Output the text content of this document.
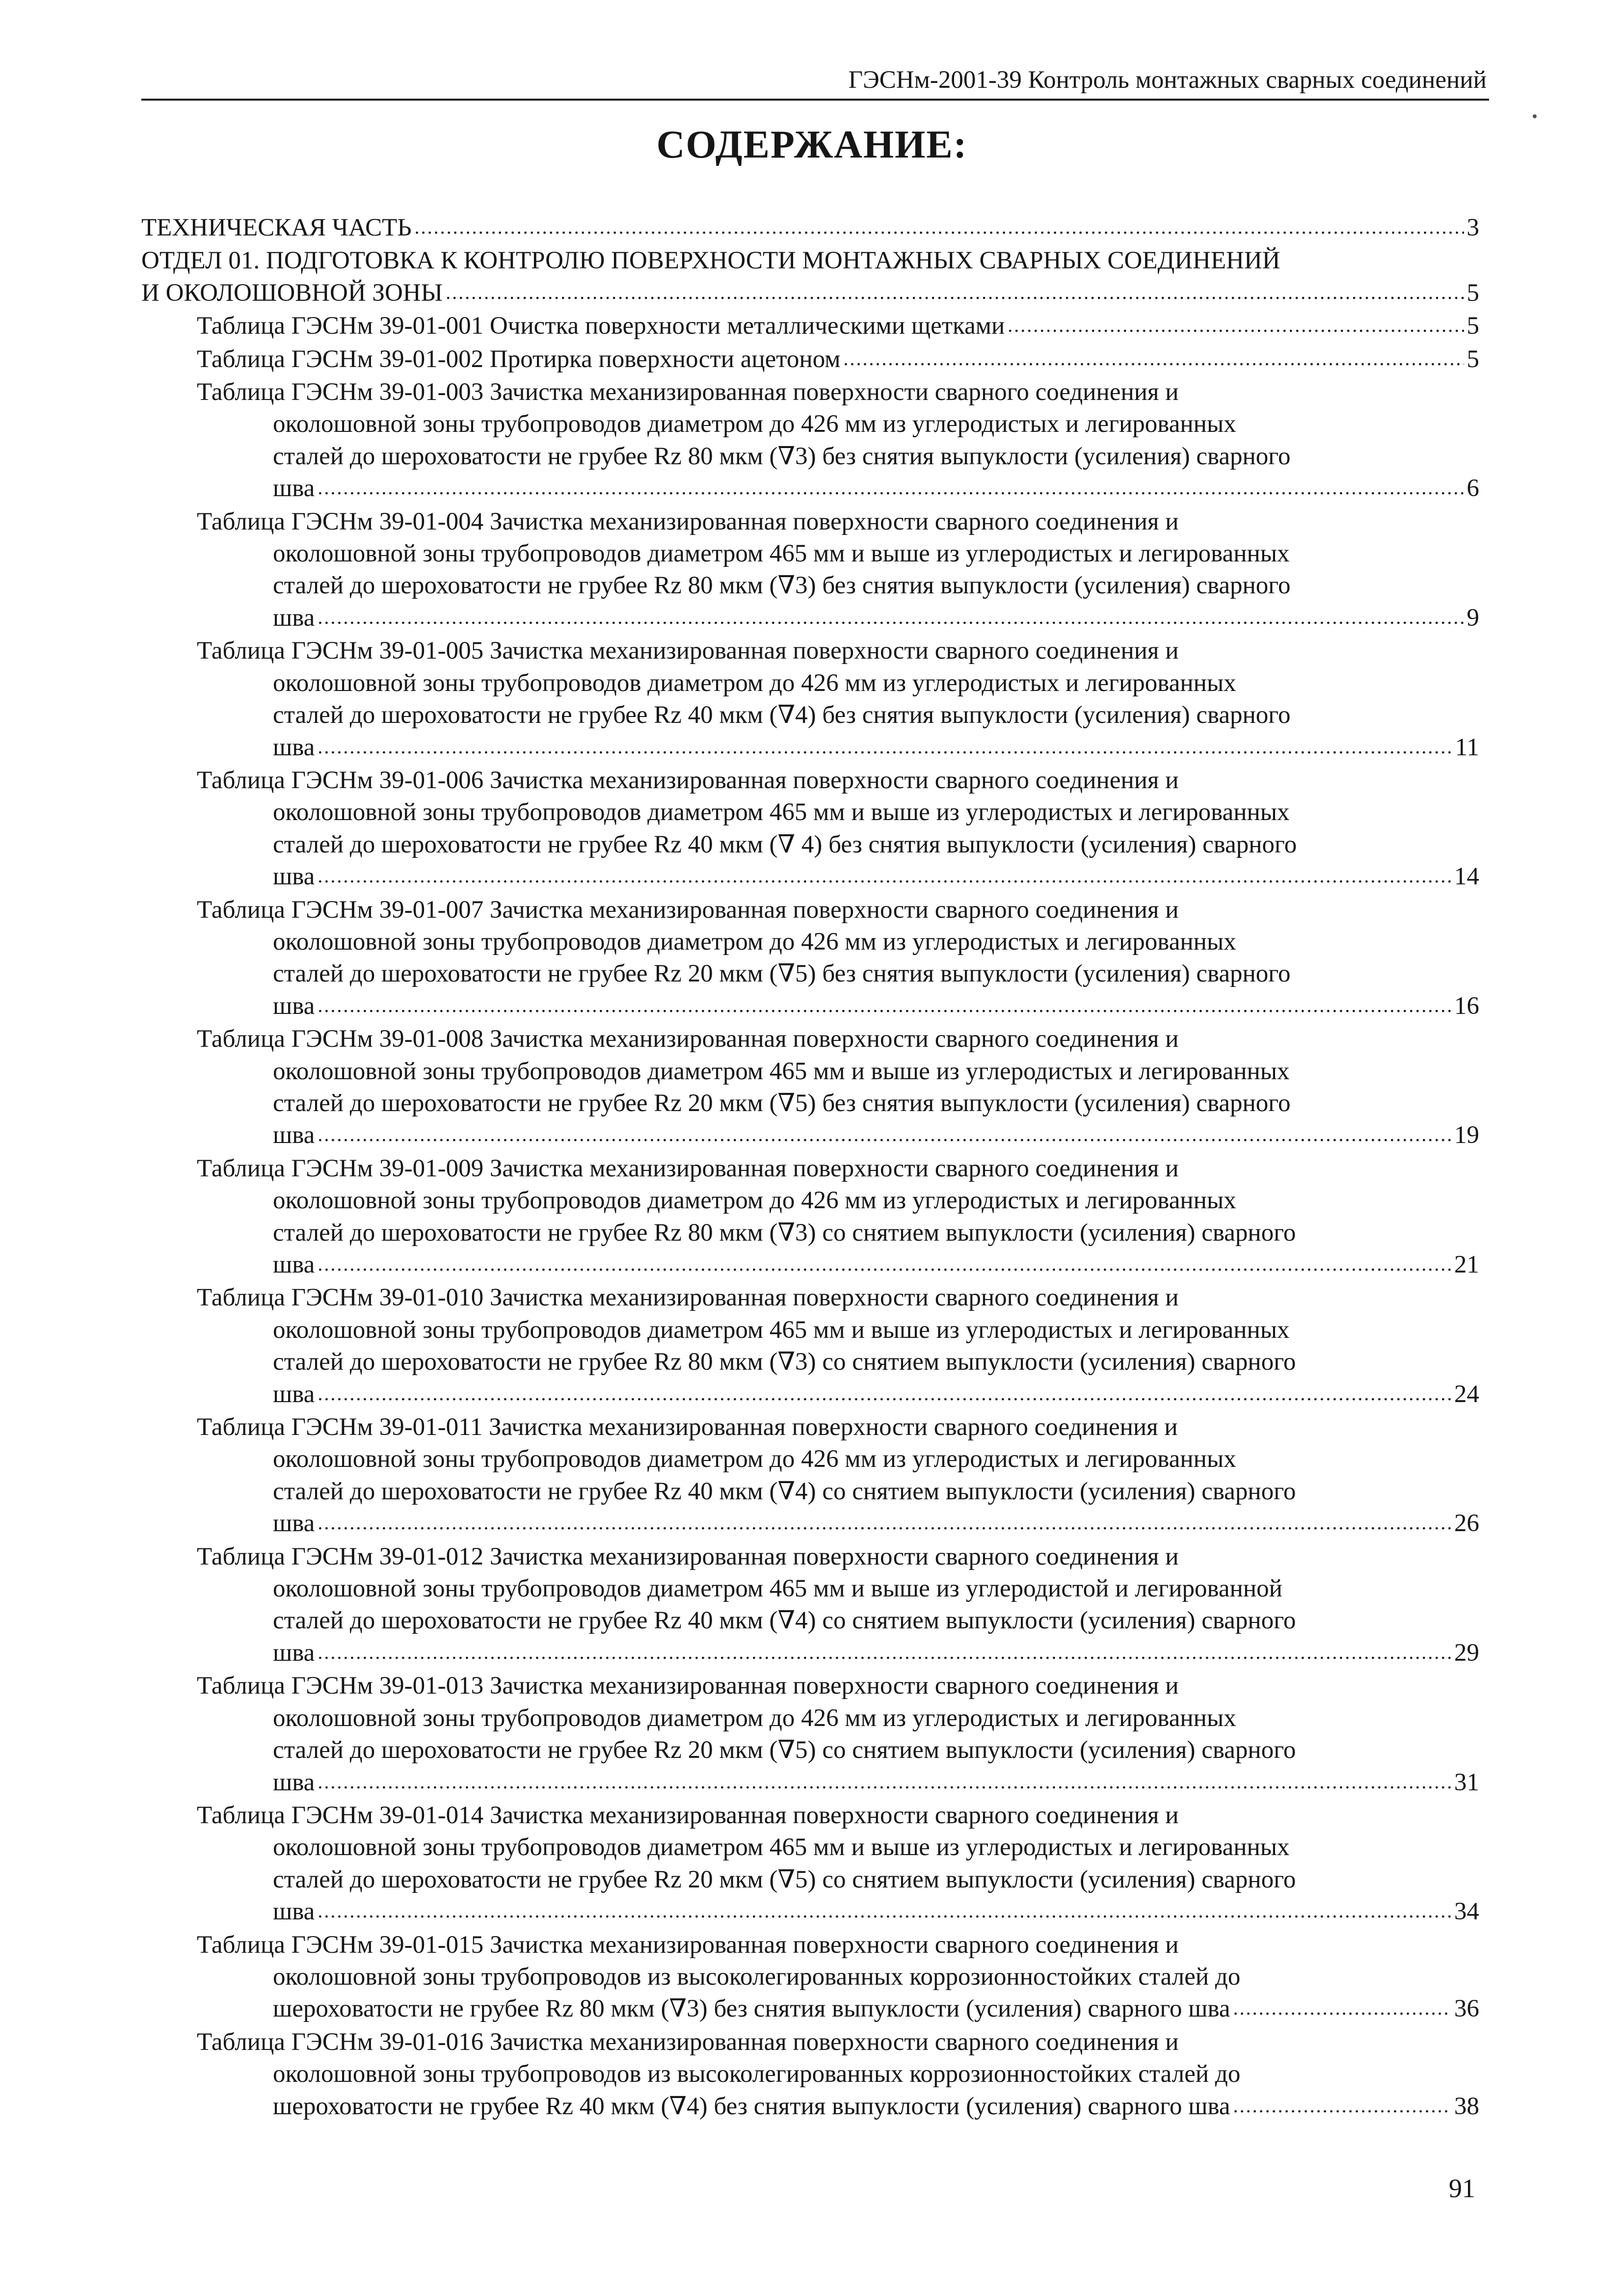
ГЭСНм-2001-39 Контроль монтажных сварных соединений
СОДЕРЖАНИЕ:
ТЕХНИЧЕСКАЯ ЧАСТЬ .....	3
ОТДЕЛ 01. ПОДГОТОВКА К КОНТРОЛЮ ПОВЕРХНОСТИ МОНТАЖНЫХ СВАРНЫХ СОЕДИНЕНИЙ
И ОКОЛОШОВНОЙ ЗОНЫ .....	5
Таблица ГЭСНм 39-01-001 Очистка поверхности металлическими щетками .....	5
Таблица ГЭСНм 39-01-002 Протирка поверхности ацетоном .....	5
Таблица ГЭСНм 39-01-003 Зачистка механизированная поверхности сварного соединения и
околошовной зоны трубопроводов диаметром до 426 мм из углеродистых и легированных
сталей до шероховатости не грубее Rz 80 мкм (∇3) без снятия выпуклости (усиления) сварного
шва .....	6
Таблица ГЭСНм 39-01-004 Зачистка механизированная поверхности сварного соединения и
околошовной зоны трубопроводов диаметром 465 мм и выше из углеродистых и легированных
сталей до шероховатости не грубее Rz 80 мкм (∇3) без снятия выпуклости (усиления) сварного
шва .....	9
Таблица ГЭСНм 39-01-005 Зачистка механизированная поверхности сварного соединения и
околошовной зоны трубопроводов диаметром до 426 мм из углеродистых и легированных
сталей до шероховатости не грубее Rz 40 мкм (∇4) без снятия выпуклости (усиления) сварного
шва .....	11
Таблица ГЭСНм 39-01-006 Зачистка механизированная поверхности сварного соединения и
околошовной зоны трубопроводов диаметром 465 мм и выше из углеродистых и легированных
сталей до шероховатости не грубее Rz 40 мкм (∇ 4) без снятия выпуклости (усиления) сварного
шва .....	14
Таблица ГЭСНм 39-01-007 Зачистка механизированная поверхности сварного соединения и
околошовной зоны трубопроводов диаметром до 426 мм из углеродистых и легированных
сталей до шероховатости не грубее Rz 20 мкм (∇5) без снятия выпуклости (усиления) сварного
шва .....	16
Таблица ГЭСНм 39-01-008 Зачистка механизированная поверхности сварного соединения и
околошовной зоны трубопроводов диаметром 465 мм и выше из углеродистых и легированных
сталей до шероховатости не грубее Rz 20 мкм (∇5) без снятия выпуклости (усиления) сварного
шва .....	19
Таблица ГЭСНм 39-01-009 Зачистка механизированная поверхности сварного соединения и
околошовной зоны трубопроводов диаметром до 426 мм из углеродистых и легированных
сталей до шероховатости не грубее Rz 80 мкм (∇3) со снятием выпуклости (усиления) сварного
шва .....	21
Таблица ГЭСНм 39-01-010 Зачистка механизированная поверхности сварного соединения и
околошовной зоны трубопроводов диаметром 465 мм и выше из углеродистых и легированных
сталей до шероховатости не грубее Rz 80 мкм (∇3) со снятием выпуклости (усиления) сварного
шва .....	24
Таблица ГЭСНм 39-01-011 Зачистка механизированная поверхности сварного соединения и
околошовной зоны трубопроводов диаметром до 426 мм из углеродистых и легированных
сталей до шероховатости не грубее Rz 40 мкм (∇4) со снятием выпуклости (усиления) сварного
шва .....	26
Таблица ГЭСНм 39-01-012 Зачистка механизированная поверхности сварного соединения и
околошовной зоны трубопроводов диаметром 465 мм и выше из углеродистой и легированной
сталей до шероховатости не грубее Rz 40 мкм (∇4) со снятием выпуклости (усиления) сварного
шва .....	29
Таблица ГЭСНм 39-01-013 Зачистка механизированная поверхности сварного соединения и
околошовной зоны трубопроводов диаметром до 426 мм из углеродистых и легированных
сталей до шероховатости не грубее Rz 20 мкм (∇5) со снятием выпуклости (усиления) сварного
шва .....	31
Таблица ГЭСНм 39-01-014 Зачистка механизированная поверхности сварного соединения и
околошовной зоны трубопроводов диаметром 465 мм и выше из углеродистых и легированных
сталей до шероховатости не грубее Rz 20 мкм (∇5) со снятием выпуклости (усиления) сварного
шва .....	34
Таблица ГЭСНм 39-01-015 Зачистка механизированная поверхности сварного соединения и
околошовной зоны трубопроводов из высоколегированных коррозионностойких сталей до
шероховатости не грубее Rz 80 мкм (∇3) без снятия выпуклости (усиления) сварного шва .....	36
Таблица ГЭСНм 39-01-016 Зачистка механизированная поверхности сварного соединения и
околошовной зоны трубопроводов из высоколегированных коррозионностойких сталей до
шероховатости не грубее Rz 40 мкм (∇4) без снятия выпуклости (усиления) сварного шва .....	38
91
